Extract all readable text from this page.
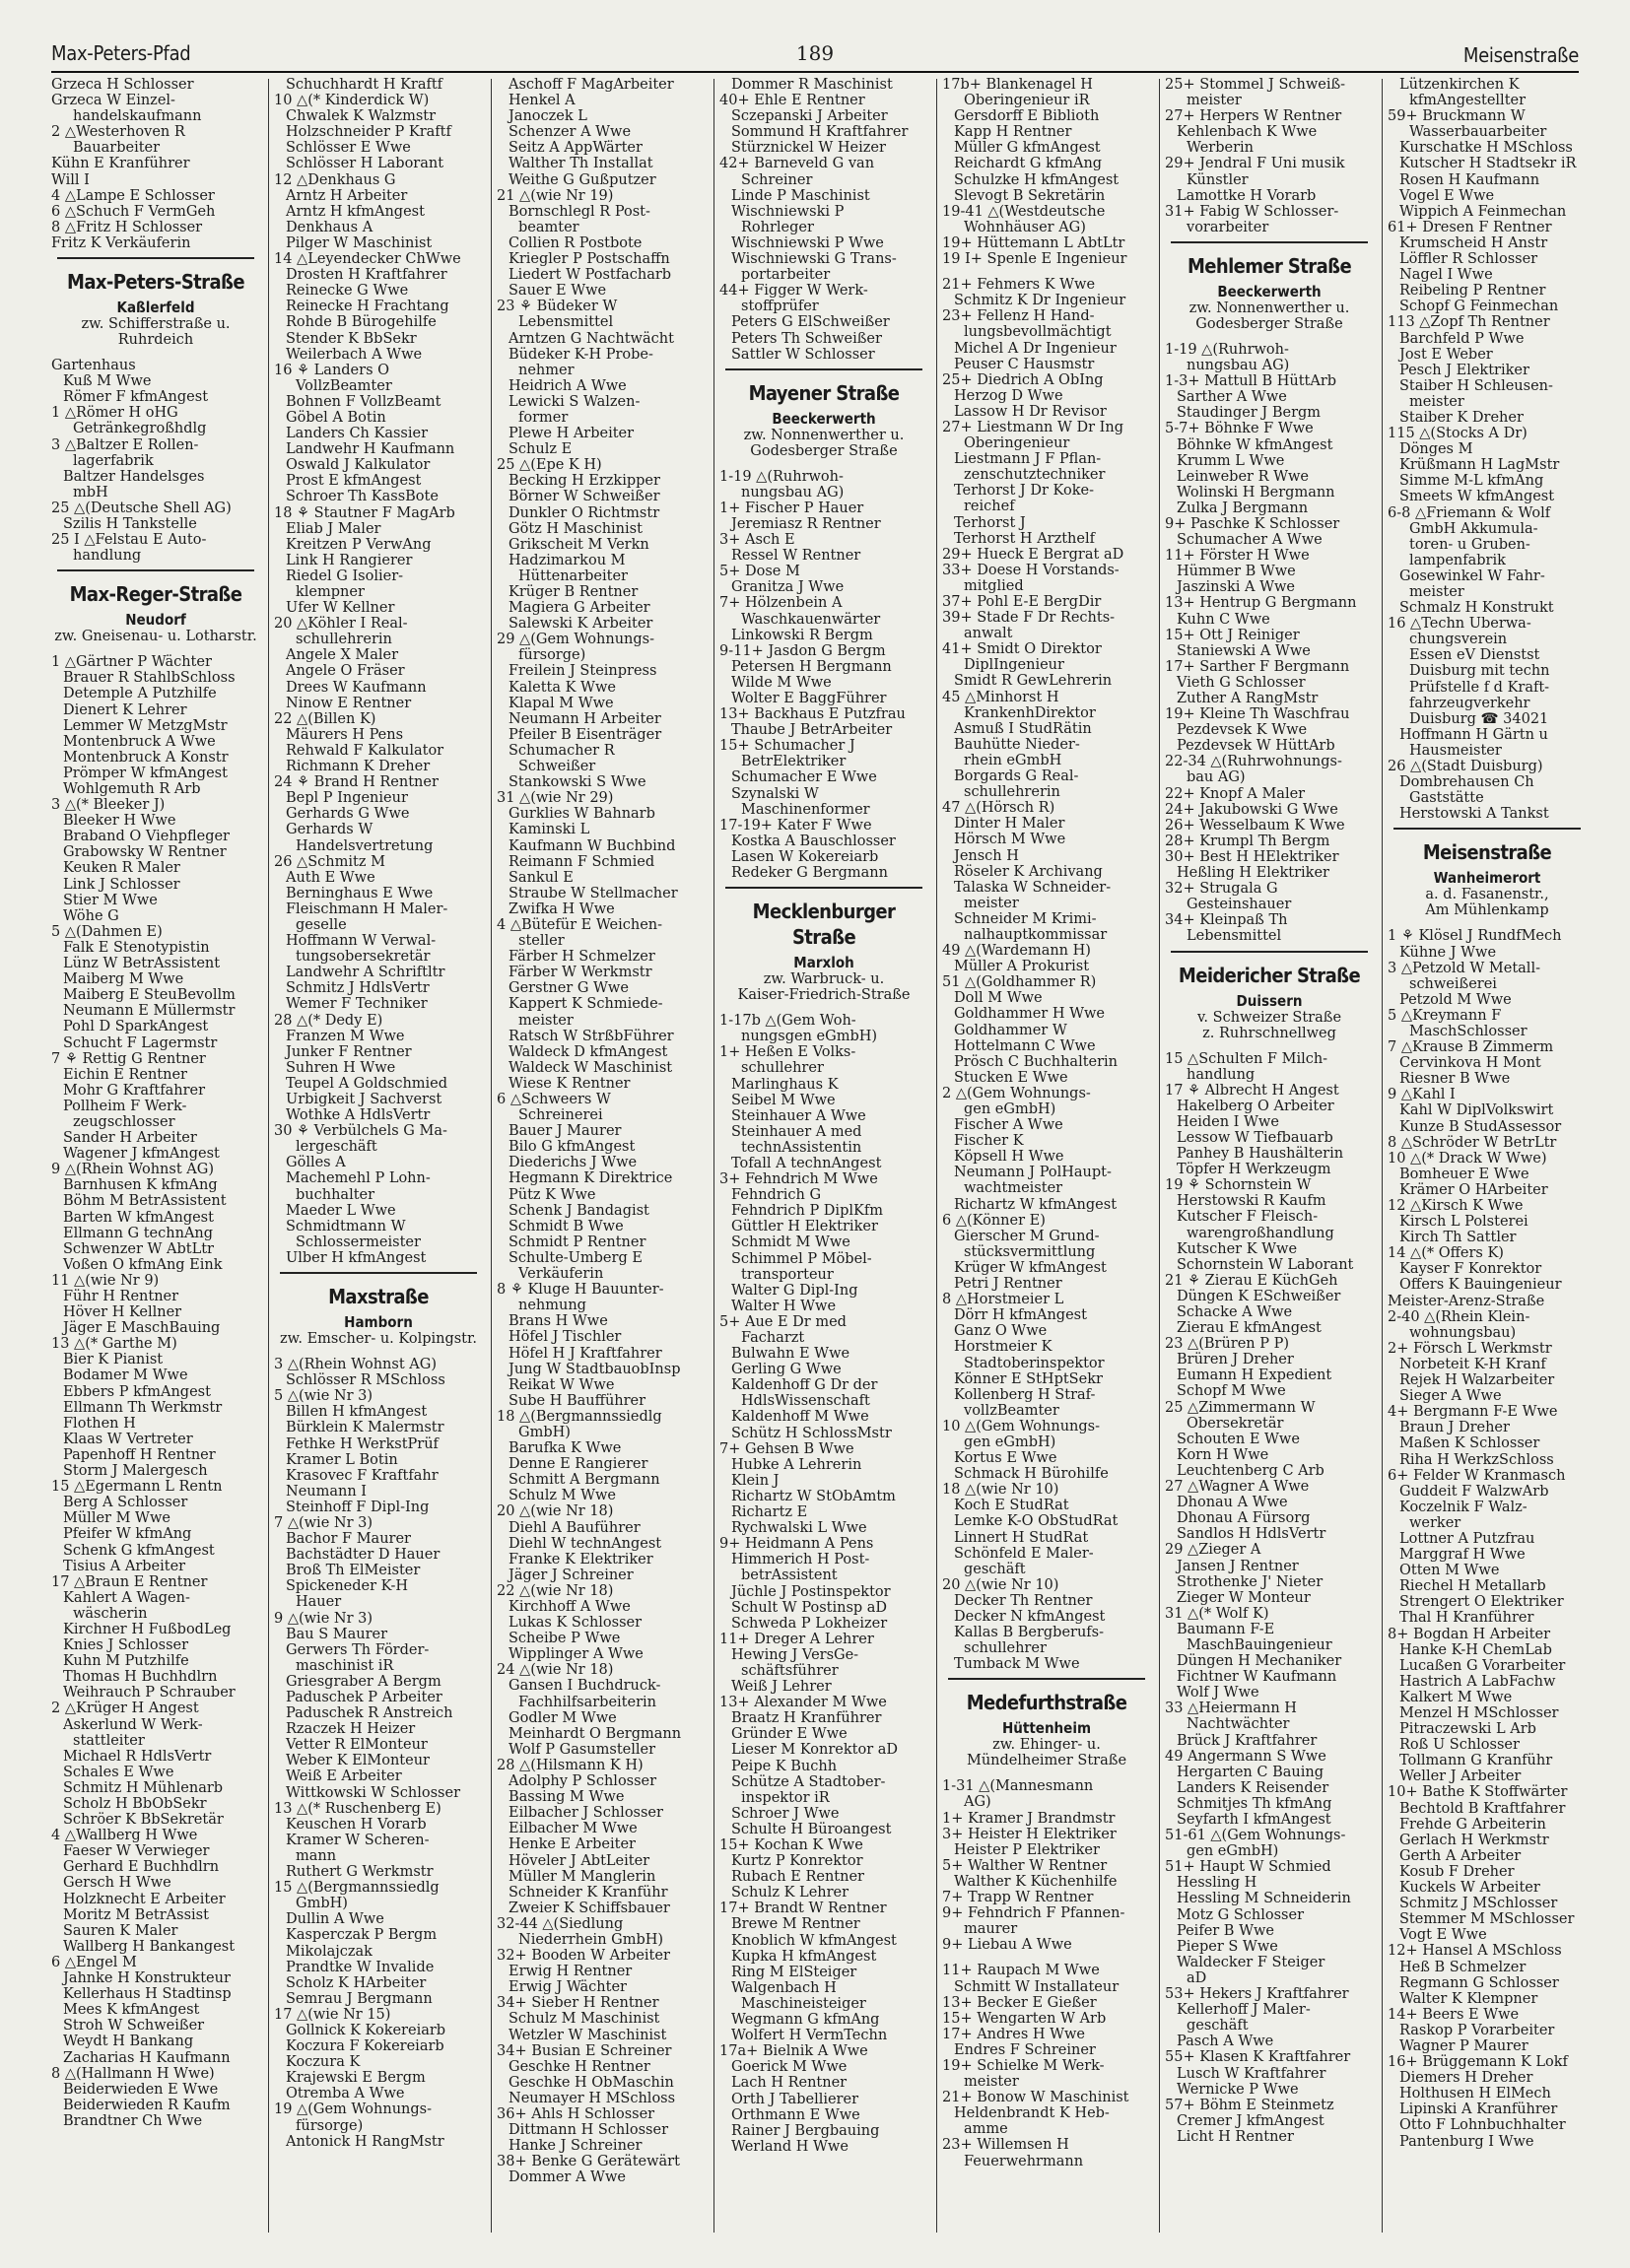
Max-Peters-Pfad	189	Meisenstraße
Grzeca H Schlosser
Grzeca W Einzel-
handelskaufmann
2 △Westerhoven R
Bauarbeiter
Kühn E Kranführer
Will I
4 △Lampe E Schlosser
6 △Schuch F VermGeh
8 △Fritz H Schlosser
Fritz K Verkäuferin
Max-Peters-Straße
Kaßlerfeld
zw. Schifferstraße u.
Ruhrdeich
Gartenhaus
Kuß M Wwe
Römer F kfmAngest
1 △Römer H oHG
Getränkegroßhdlg
3 △Baltzer E Rollen-
lagerfabrik
Baltzer Handelsges
mbH
25 △(Deutsche Shell AG)
Szilis H Tankstelle
25 I △Felstau E Auto-
handlung
Max-Reger-Straße
Neudorf
zw. Gneisenau- u. Lotharstr.
1 △Gärtner P Wächter
Brauer R StahlbSchloss
Detemple A Putzhilfe
Dienert K Lehrer
Lemmer W MetzgMstr
Montenbruck A Wwe
Montenbruck A Konstr
Prömper W kfmAngest
Wohlgemuth R Arb
3 △(* Bleeker J)
Bleeker H Wwe
Braband O Viehpfleger
Grabowsky W Rentner
Keuken R Maler
Link J Schlosser
Stier M Wwe
Wöhe G
5 △(Dahmen E)
Falk E Stenotypistin
Lünz W BetrAssistent
Maiberg M Wwe
Maiberg E SteuBevollm
Neumann E Müllermstr
Pohl D SparkAngest
Schucht F Lagermstr
7 ⚘ Rettig G Rentner
Eichin E Rentner
Mohr G Kraftfahrer
Pollheim F Werk-
zeugschlosser
Sander H Arbeiter
Wagener J kfmAngest
9 △(Rhein Wohnst AG)
Barnhusen K kfmAng
Böhm M BetrAssistent
Barten W kfmAngest
Ellmann G technAng
Schwenzer W AbtLtr
Voßen O kfmAng Eink
11 △(wie Nr 9)
Führ H Rentner
Höver H Kellner
Jäger E MaschBauing
13 △(* Garthe M)
Bier K Pianist
Bodamer M Wwe
Ebbers P kfmAngest
Ellmann Th Werkmstr
Flothen H
Klaas W Vertreter
Papenhoff H Rentner
Storm J Malergesch
15 △Egermann L Rentn
Berg A Schlosser
Müller M Wwe
Pfeifer W kfmAng
Schenk G kfmAngest
Tisius A Arbeiter
17 △Braun E Rentner
Kahlert A Wagen-
wäscherin
Kirchner H FußbodLeg
Knies J Schlosser
Kuhn M Putzhilfe
Thomas H Buchhdlrn
Weihrauch P Schrauber
2 △Krüger H Angest
Askerlund W Werk-
stattleiter
Michael R HdlsVertr
Schales E Wwe
Schmitz H Mühlenarb
Scholz H BbObSekr
Schröer K BbSekretär
4 △Wallberg H Wwe
Faeser W Verwieger
Gerhard E Buchhdlrn
Gersch H Wwe
Holzknecht E Arbeiter
Moritz M BetrAssist
Sauren K Maler
Wallberg H Bankangest
6 △Engel M
Jahnke H Konstrukteur
Kellerhaus H Stadtinsp
Mees K kfmAngest
Stroh W Schweißer
Weydt H Bankang
Zacharias H Kaufmann
8 △(Hallmann H Wwe)
Beiderwieden E Wwe
Beiderwieden R Kaufm
Brandtner Ch Wwe
Schuchhardt H Kraftf
10 △(* Kinderdick W)
Chwalek K Walzmstr
Holzschneider P Kraftf
Schlösser E Wwe
Schlösser H Laborant
12 △Denkhaus G
Arntz H Arbeiter
Arntz H kfmAngest
Denkhaus A
Pilger W Maschinist
14 △Leyendecker ChWwe
Drosten H Kraftfahrer
Reinecke G Wwe
Reinecke H Frachtang
Rohde B Bürogehilfe
Stender K BbSekr
Weilerbach A Wwe
16 ⚘ Landers O
VollzBeamter
Bohnen F VollzBeamt
Göbel A Botin
Landers Ch Kassier
Landwehr H Kaufmann
Oswald J Kalkulator
Prost E kfmAngest
Schroer Th KassBote
18 ⚘ Stautner F MagArb
Eliab J Maler
Kreitzen P VerwAng
Link H Rangierer
Riedel G Isolier-
klempner
Ufer W Kellner
20 △Köhler I Real-
schullehrerin
Angele X Maler
Angele O Fräser
Drees W Kaufmann
Ninow E Rentner
22 △(Billen K)
Mäurers H Pens
Rehwald F Kalkulator
Richmann K Dreher
24 ⚘ Brand H Rentner
Bepl P Ingenieur
Gerhards G Wwe
Gerhards W
Handelsvertretung
26 △Schmitz M
Auth E Wwe
Berninghaus E Wwe
Fleischmann H Maler-
geselle
Hoffmann W Verwal-
tungsobersekretär
Landwehr A Schriftltr
Schmitz J HdlsVertr
Wemer F Techniker
28 △(* Dedy E)
Franzen M Wwe
Junker F Rentner
Suhren H Wwe
Teupel A Goldschmied
Urbigkeit J Sachverst
Wothke A HdlsVertr
30 ⚘ Verbülchels G Ma-
lergeschäft
Gölles A
Machemehl P Lohn-
buchhalter
Maeder L Wwe
Schmidtmann W
Schlossermeister
Ulber H kfmAngest
Maxstraße
Hamborn
zw. Emscher- u. Kolpingstr.
3 △(Rhein Wohnst AG)
Schlösser R MSchloss
5 △(wie Nr 3)
Billen H kfmAngest
Bürklein K Malermstr
Fethke H WerkstPrüf
Kramer L Botin
Krasovec F Kraftfahr
Neumann I
Steinhoff F Dipl-Ing
7 △(wie Nr 3)
Bachor F Maurer
Bachstädter D Hauer
Broß Th ElMeister
Spickeneder K-H
Hauer
9 △(wie Nr 3)
Bau S Maurer
Gerwers Th Förder-
maschinist iR
Griesgraber A Bergm
Paduschek P Arbeiter
Paduschek R Anstreich
Rzaczek H Heizer
Vetter R ElMonteur
Weber K ElMonteur
Weiß E Arbeiter
Wittkowski W Schlosser
13 △(* Ruschenberg E)
Keuschen H Vorarb
Kramer W Scheren-
mann
Ruthert G Werkmstr
15 △(Bergmannssiedlg
GmbH)
Dullin A Wwe
Kasperczak P Bergm
Mikolajczak
Prandtke W Invalide
Scholz K HArbeiter
Semrau J Bergmann
17 △(wie Nr 15)
Gollnick K Kokereiarb
Koczura F Kokereiarb
Koczura K
Krajewski E Bergm
Otremba A Wwe
19 △(Gem Wohnungs-
fürsorge)
Antonick H RangMstr
Aschoff F MagArbeiter
Henkel A
Janoczek L
Schenzer A Wwe
Seitz A AppWärter
Walther Th Installat
Weithe G Gußputzer
21 △(wie Nr 19)
Bornschlegl R Post-
beamter
Collien R Postbote
Kriegler P Postschaffn
Liedert W Postfacharb
Sauer E Wwe
23 ⚘ Büdeker W
Lebensmittel
Arntzen G Nachtwächt
Büdeker K-H Probe-
nehmer
Heidrich A Wwe
Lewicki S Walzen-
former
Plewe H Arbeiter
Schulz E
25 △(Epe K H)
Becking H Erzkipper
Börner W Schweißer
Dunkler O Richtmstr
Götz H Maschinist
Grikscheit M Verkn
Hadzimarkou M
Hüttenarbeiter
Krüger B Rentner
Magiera G Arbeiter
Salewski K Arbeiter
29 △(Gem Wohnungs-
fürsorge)
Freilein J Steinpress
Kaletta K Wwe
Klapal M Wwe
Neumann H Arbeiter
Pfeiler B Eisenträger
Schumacher R
Schweißer
Stankowski S Wwe
31 △(wie Nr 29)
Gurklies W Bahnarb
Kaminski L
Kaufmann W Buchbind
Reimann F Schmied
Sankul E
Straube W Stellmacher
Zwifka H Wwe
4 △Bütefür E Weichen-
steller
Färber H Schmelzer
Färber W Werkmstr
Gerstner G Wwe
Kappert K Schmiede-
meister
Ratsch W StrßbFührer
Waldeck D kfmAngest
Waldeck W Maschinist
Wiese K Rentner
6 △Schweers W
Schreinerei
Bauer J Maurer
Bilo G kfmAngest
Diederichs J Wwe
Hegmann K Direktrice
Pütz K Wwe
Schenk J Bandagist
Schmidt B Wwe
Schmidt P Rentner
Schulte-Umberg E
Verkäuferin
8 ⚘ Kluge H Bauunter-
nehmung
Brans H Wwe
Höfel J Tischler
Höfel H J Kraftfahrer
Jung W StadtbauobInsp
Reikat W Wwe
Sube H Baufführer
18 △(Bergmannssiedlg
GmbH)
Barufka K Wwe
Denne E Rangierer
Schmitt A Bergmann
Schulz M Wwe
20 △(wie Nr 18)
Diehl A Bauführer
Diehl W technAngest
Franke K Elektriker
Jäger J Schreiner
22 △(wie Nr 18)
Kirchhoff A Wwe
Lukas K Schlosser
Scheibe P Wwe
Wipplinger A Wwe
24 △(wie Nr 18)
Gansen I Buchdruck-
Fachhilfsarbeiterin
Godler M Wwe
Meinhardt O Bergmann
Wolf P Gasumsteller
28 △(Hilsmann K H)
Adolphy P Schlosser
Bassing M Wwe
Eilbacher J Schlosser
Eilbacher M Wwe
Henke E Arbeiter
Höveler J AbtLeiter
Müller M Manglerin
Schneider K Kranführ
Zweier K Schiffsbauer
32-44 △(Siedlung
Niederrhein GmbH)
32+ Booden W Arbeiter
Erwig H Rentner
Erwig J Wächter
34+ Sieber H Rentner
Schulz M Maschinist
Wetzler W Maschinist
34+ Busian E Schreiner
Geschke H Rentner
Geschke H ObMaschin
Neumayer H MSchloss
36+ Ahls H Schlosser
Dittmann H Schlosser
Hanke J Schreiner
38+ Benke G Gerätewärt
Dommer A Wwe
Dommer R Maschinist
40+ Ehle E Rentner
Sczepanski J Arbeiter
Sommund H Kraftfahrer
Stürznickel W Heizer
42+ Barneveld G van
Schreiner
Linde P Maschinist
Wischniewski P
Rohrleger
Wischniewski P Wwe
Wischniewski G Trans-
portarbeiter
44+ Figger W Werk-
stoffprüfer
Peters G ElSchweißer
Peters Th Schweißer
Sattler W Schlosser
Mayener Straße
Beeckerwerth
zw. Nonnenwerther u.
Godesberger Straße
1-19 △(Ruhrwoh-
nungsbau AG)
1+ Fischer P Hauer
Jeremiasz R Rentner
3+ Asch E
Ressel W Rentner
5+ Dose M
Granitza J Wwe
7+ Hölzenbein A
Waschkauenwärter
Linkowski R Bergm
9-11+ Jasdon G Bergm
Petersen H Bergmann
Wilde M Wwe
Wolter E BaggFührer
13+ Backhaus E Putzfrau
Thaube J BetrArbeiter
15+ Schumacher J
BetrElektriker
Schumacher E Wwe
Szynalski W
Maschinenformer
17-19+ Kater F Wwe
Kostka A Bauschlosser
Lasen W Kokereiarb
Redeker G Bergmann
Mecklenburger Straße
Marxloh
zw. Warbruck- u.
Kaiser-Friedrich-Straße
1-17b △(Gem Woh-
nungsgen eGmbH)
1+ Heßen E Volks-
schullehrer
Marlinghaus K
Seibel M Wwe
Steinhauer A Wwe
Steinhauer A med
technAssistentin
Tofall A technAngest
3+ Fehndrich M Wwe
Fehndrich G
Fehndrich P DiplKfm
Güttler H Elektriker
Schmidt M Wwe
Schimmel P Möbel-
transporteur
Walter G Dipl-Ing
Walter H Wwe
5+ Aue E Dr med
Facharzt
Bulwahn E Wwe
Gerling G Wwe
Kaldenhoff G Dr der
HdlsWissenschaft
Kaldenhoff M Wwe
Schütz H SchlossMstr
7+ Gehsen B Wwe
Hubke A Lehrerin
Klein J
Richartz W StObAmtm
Richartz E
Rychwalski L Wwe
9+ Heidmann A Pens
Himmerich H Post-
betrAssistent
Jüchle J Postinspektor
Schult W Postinsp aD
Schweda P Lokheizer
11+ Dreger A Lehrer
Hewing J VersGe-
schäftsführer
Weiß J Lehrer
13+ Alexander M Wwe
Braatz H Kranführer
Gründer E Wwe
Lieser M Konrektor aD
Peipe K Buchh
Schütze A Stadtober-
inspektor iR
Schroer J Wwe
Schulte H Büroangest
15+ Kochan K Wwe
Kurtz P Konrektor
Rubach E Rentner
Schulz K Lehrer
17+ Brandt W Rentner
Brewe M Rentner
Knoblich W kfmAngest
Kupka H kfmAngest
Ring M ElSteiger
Walgenbach H
Maschineisteiger
Wegmann G kfmAng
Wolfert H VermTechn
17a+ Bielnik A Wwe
Goerick M Wwe
Lach H Rentner
Orth J Tabellierer
Orthmann E Wwe
Rainer J Bergbauing
Werland H Wwe
17b+ Blankenagel H
Oberingenieur iR
Gersdorff E Biblioth
Kapp H Rentner
Müller G kfmAngest
Reichardt G kfmAng
Schulzke H kfmAngest
Slevogt B Sekretärin
19-41 △(Westdeutsche
Wohnhäuser AG)
19+ Hüttemann L AbtLtr
19 I+ Spenle E Ingenieur
21+ Fehmers K Wwe
Schmitz K Dr Ingenieur
23+ Fellenz H Hand-
lungsbevollmächtigt
Michel A Dr Ingenieur
Peuser C Hausmstr
25+ Diedrich A ObIng
Herzog D Wwe
Lassow H Dr Revisor
27+ Liestmann W Dr Ing
Oberingenieur
Liestmann J F Pflan-
zenschutztechniker
Terhorst J Dr Koke-
reichef
Terhorst J
Terhorst H Arzthelf
29+ Hueck E Bergrat aD
33+ Doese H Vorstands-
mitglied
37+ Pohl E-E BergDir
39+ Stade F Dr Rechts-
anwalt
41+ Smidt O Direktor
DiplIngenieur
Smidt R GewLehrerin
45 △Minhorst H
KrankenhDirektor
Asmuß I StudRätin
Bauhütte Nieder-
rhein eGmbH
Borgards G Real-
schullehrerin
47 △(Hörsch R)
Dinter H Maler
Hörsch M Wwe
Jensch H
Röseler K Archivang
Talaska W Schneider-
meister
Schneider M Krimi-
nalhauptkommissar
49 △(Wardemann H)
Müller A Prokurist
51 △(Goldhammer R)
Doll M Wwe
Goldhammer H Wwe
Goldhammer W
Hottelmann C Wwe
Prösch C Buchhalterin
Stucken E Wwe
2 △(Gem Wohnungs-
gen eGmbH)
Fischer A Wwe
Fischer K
Köpsell H Wwe
Neumann J PolHaupt-
wachtmeister
Richartz W kfmAngest
6 △(Könner E)
Gierscher M Grund-
stücksvermittlung
Krüger W kfmAngest
Petri J Rentner
8 △Horstmeier L
Dörr H kfmAngest
Ganz O Wwe
Horstmeier K
Stadtoberinspektor
Könner E StHptSekr
Kollenberg H Straf-
vollzBeamter
10 △(Gem Wohnungs-
gen eGmbH)
Kortus E Wwe
Schmack H Bürohilfe
18 △(wie Nr 10)
Koch E StudRat
Lemke K-O ObStudRat
Linnert H StudRat
Schönfeld E Maler-
geschäft
20 △(wie Nr 10)
Decker Th Rentner
Decker N kfmAngest
Kallas B Bergberufs-
schullehrer
Tumback M Wwe
Medefurthstraße
Hüttenheim
zw. Ehinger- u.
Mündelheimer Straße
1-31 △(Mannesmann
AG)
1+ Kramer J Brandmstr
3+ Heister H Elektriker
Heister P Elektriker
5+ Walther W Rentner
Walther K Küchenhilfe
7+ Trapp W Rentner
9+ Fehndrich F Pfannen-
maurer
9+ Liebau A Wwe
11+ Raupach M Wwe
Schmitt W Installateur
13+ Becker E Gießer
15+ Wengarten W Arb
17+ Andres H Wwe
Endres F Schreiner
19+ Schielke M Werk-
meister
21+ Bonow W Maschinist
Heldenbrandt K Heb-
amme
23+ Willemsen H
Feuerwehrmann
25+ Stommel J Schweiß-
meister
27+ Herpers W Rentner
Kehlenbach K Wwe
Werberin
29+ Jendral F Uni musik
Künstler
Lamottke H Vorarb
31+ Fabig W Schlosser-
vorarbeiter
Mehlemer Straße
Beeckerwerth
zw. Nonnenwerther u.
Godesberger Straße
1-19 △(Ruhrwoh-
nungsbau AG)
1-3+ Mattull B HüttArb
Sarther A Wwe
Staudinger J Bergm
5-7+ Böhnke F Wwe
Böhnke W kfmAngest
Krumm L Wwe
Leinweber R Wwe
Wolinski H Bergmann
Zulka J Bergmann
9+ Paschke K Schlosser
Schumacher A Wwe
11+ Förster H Wwe
Hümmer B Wwe
Jaszinski A Wwe
13+ Hentrup G Bergmann
Kuhn C Wwe
15+ Ott J Reiniger
Staniewski A Wwe
17+ Sarther F Bergmann
Vieth G Schlosser
Zuther A RangMstr
19+ Kleine Th Waschfrau
Pezdevsek K Wwe
Pezdevsek W HüttArb
22-34 △(Ruhrwohnungs-
bau AG)
22+ Knopf A Maler
24+ Jakubowski G Wwe
26+ Wesselbaum K Wwe
28+ Krumpl Th Bergm
30+ Best H HElektriker
Heßling H Elektriker
32+ Strugala G
Gesteinshauer
34+ Kleinpaß Th
Lebensmittel
Meidericher Straße
Duissern
v. Schweizer Straße
z. Ruhrschnellweg
15 △Schulten F Milch-
handlung
17 ⚘ Albrecht H Angest
Hakelberg O Arbeiter
Heiden I Wwe
Lessow W Tiefbauarb
Panhey B Haushälterin
Töpfer H Werkzeugm
19 ⚘ Schornstein W
Herstowski R Kaufm
Kutscher F Fleisch-
warengroßhandlung
Kutscher K Wwe
Schornstein W Laborant
21 ⚘ Zierau E KüchGeh
Düngen K ESchweißer
Schacke A Wwe
Zierau E kfmAngest
23 △(Brüren P P)
Brüren J Dreher
Eumann H Expedient
Schopf M Wwe
25 △Zimmermann W
Obersekretär
Schouten E Wwe
Korn H Wwe
Leuchtenberg C Arb
27 △Wagner A Wwe
Dhonau A Wwe
Dhonau A Fürsorg
Sandlos H HdlsVertr
29 △Zieger A
Jansen J Rentner
Strothenke J' Nieter
Zieger W Monteur
31 △(* Wolf K)
Baumann F-E
MaschBauingenieur
Düngen H Mechaniker
Fichtner W Kaufmann
Wolf J Wwe
33 △Heiermann H
Nachtwächter
Brück J Kraftfahrer
49 Angermann S Wwe
Hergarten C Bauing
Landers K Reisender
Schmitjes Th kfmAng
Seyfarth I kfmAngest
51-61 △(Gem Wohnungs-
gen eGmbH)
51+ Haupt W Schmied
Hessling H
Hessling M Schneiderin
Motz G Schlosser
Peifer B Wwe
Pieper S Wwe
Waldecker F Steiger
aD
53+ Hekers J Kraftfahrer
Kellerhoff J Maler-
geschäft
Pasch A Wwe
55+ Klasen K Kraftfahrer
Lusch W Kraftfahrer
Wernicke P Wwe
57+ Böhm E Steinmetz
Cremer J kfmAngest
Licht H Rentner
Lützenkirchen K
kfmAngestellter
59+ Bruckmann W
Wasserbauarbeiter
Kurschatke H MSchloss
Kutscher H Stadtsekr iR
Rosen H Kaufmann
Vogel E Wwe
Wippich A Feinmechan
61+ Dresen F Rentner
Krumscheid H Anstr
Löffler R Schlosser
Nagel I Wwe
Reibeling P Rentner
Schopf G Feinmechan
113 △Zopf Th Rentner
Barchfeld P Wwe
Jost E Weber
Pesch J Elektriker
Staiber H Schleusen-
meister
Staiber K Dreher
115 △(Stocks A Dr)
Dönges M
Krüßmann H LagMstr
Simme M-L kfmAng
Smeets W kfmAngest
6-8 △Friemann & Wolf
GmbH Akkumula-
toren- u Gruben-
lampenfabrik
Gosewinkel W Fahr-
meister
Schmalz H Konstrukt
16 △Techn Überwa-
chungsverein
Essen eV Dienstst
Duisburg mit techn
Prüfstelle f d Kraft-
fahrzeugverkehr
Duisburg ☎ 34021
Hoffmann H Gärtn u
Hausmeister
26 △(Stadt Duisburg)
Dombrehausen Ch
Gaststätte
Herstowski A Tankst
Meisenstraße
Wanheimerort
a. d. Fasanenstr.,
Am Mühlenkamp
1 ⚘ Klösel J RundfMech
Kühne J Wwe
3 △Petzold W Metall-
schweißerei
Petzold M Wwe
5 △Kreymann F
MaschSchlosser
7 △Krause B Zimmerm
Cervinkova H Mont
Riesner B Wwe
9 △Kahl I
Kahl W DiplVolkswirt
Kunze B StudAssessor
8 △Schröder W BetrLtr
10 △(* Drack W Wwe)
Bomheuer E Wwe
Krämer O HArbeiter
12 △Kirsch K Wwe
Kirsch L Polsterei
Kirch Th Sattler
14 △(* Offers K)
Kayser F Konrektor
Offers K Bauingenieur
Meister-Arenz-Straße
2-40 △(Rhein Klein-
wohnungsbau)
2+ Försch L Werkmstr
Norbeteit K-H Kranf
Rejek H Walzarbeiter
Sieger A Wwe
4+ Bergmann F-E Wwe
Braun J Dreher
Maßen K Schlosser
Riha H WerkzSchloss
6+ Felder W Kranmasch
Guddeit F WalzwArb
Koczelnik F Walz-
werker
Lottner A Putzfrau
Marggraf H Wwe
Otten M Wwe
Riechel H Metallarb
Strengert O Elektriker
Thal H Kranführer
8+ Bogdan H Arbeiter
Hanke K-H ChemLab
Lucaßen G Vorarbeiter
Hastrich A LabFachw
Kalkert M Wwe
Menzel H MSchlosser
Pitraczewski L Arb
Roß U Schlosser
Tollmann G Kranführ
Weller J Arbeiter
10+ Bathe K Stoffwärter
Bechtold B Kraftfahrer
Frehde G Arbeiterin
Gerlach H Werkmstr
Gerth A Arbeiter
Kosub F Dreher
Kuckels W Arbeiter
Schmitz J MSchlosser
Stemmer M MSchlosser
Vogt E Wwe
12+ Hansel A MSchloss
Heß B Schmelzer
Regmann G Schlosser
Walter K Klempner
14+ Beers E Wwe
Raskop P Vorarbeiter
Wagner P Maurer
16+ Brüggemann K Lokf
Diemers H Dreher
Holthusen H ElMech
Lipinski A Kranführer
Otto F Lohnbuchhalter
Pantenburg I Wwe
